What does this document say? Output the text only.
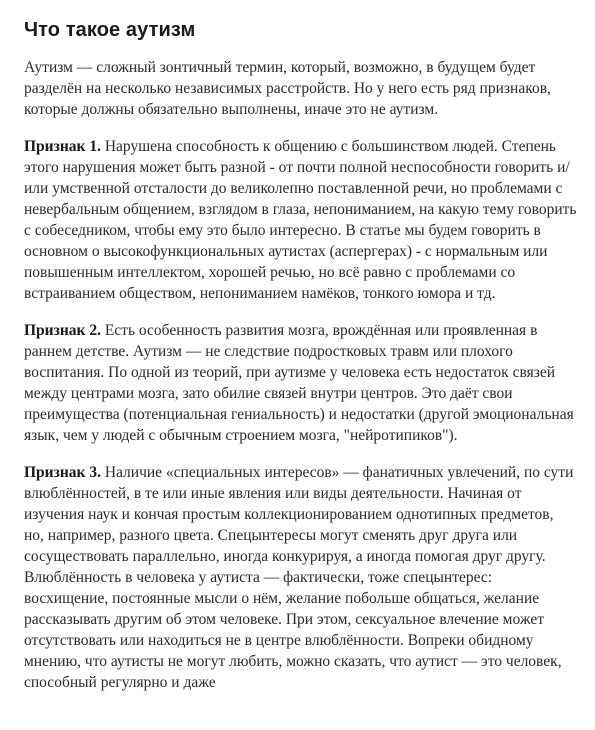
Что такое аутизм

Аутизм — сложный зонтичный термин, который, возможно, в будущем будет разделён на несколько независимых расстройств. Но у него есть ряд признаков, которые должны обязательно выполнены, иначе это не аутизм.

Признак 1. Нарушена способность к общению с большинством людей. Степень этого нарушения может быть разной - от почти полной неспособности говорить и/или умственной отсталости до великолепно поставленной речи, но проблемами с невербальным общением, взглядом в глаза, непониманием, на какую тему говорить с собеседником, чтобы ему это было интересно. В статье мы будем говорить в основном о высокофункциональных аутистах (аспергерах) - с нормальным или повышенным интеллектом, хорошей речью, но всё равно с проблемами со встраиванием обществом, непониманием намёков, тонкого юмора и тд.

Признак 2. Есть особенность развития мозга, врождённая или проявленная в раннем детстве. Аутизм — не следствие подростковых травм или плохого воспитания. По одной из теорий, при аутизме у человека есть недостаток связей между центрами мозга, зато обилие связей внутри центров. Это даёт свои преимущества (потенциальная гениальность) и недостатки (другой эмоциональная язык, чем у людей с обычным строением мозга, "нейротипиков").

Признак 3. Наличие «специальных интересов» — фанатичных увлечений, по сути влюблённостей, в те или иные явления или виды деятельности. Начиная от изучения наук и кончая простым коллекционированием однотипных предметов, но, например, разного цвета. Спецынтересы могут сменять друг друга или сосуществовать параллельно, иногда конкурируя, а иногда помогая друг другу. Влюблённость в человека у аутиста — фактически, тоже спецынтерес: восхищение, постоянные мысли о нём, желание побольше общаться, желание рассказывать другим об этом человеке. При этом, сексуальное влечение может отсутствовать или находиться не в центре влюблённости. Вопреки обидному мнению, что аутисты не могут любить, можно сказать, что аутист — это человек, способный регулярно и даже
